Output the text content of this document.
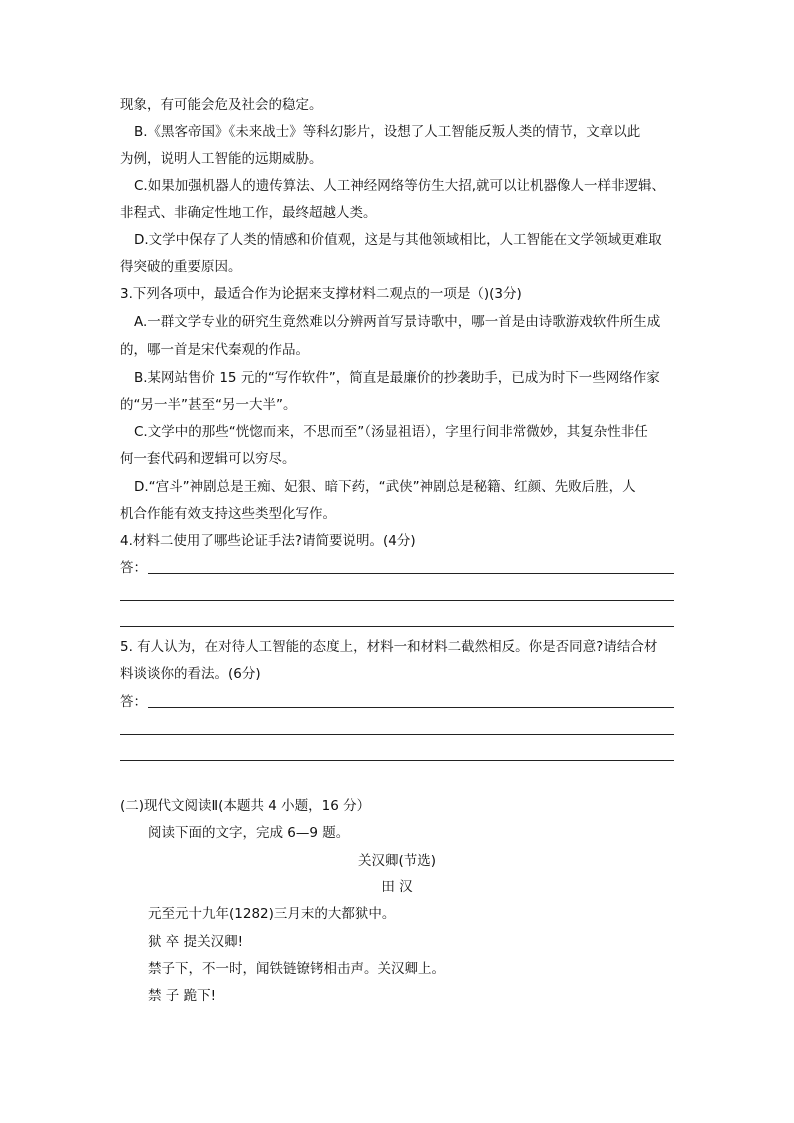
现象，有可能会危及社会的稳定。
B.《黑客帝国》《未来战士》等科幻影片，设想了人工智能反叛人类的情节，文章以此
为例，说明人工智能的远期威胁。
C.如果加强机器人的遗传算法、人工神经网络等仿生大招,就可以让机器像人一样非逻辑、
非程式、非确定性地工作，最终超越人类。
D.文学中保存了人类的情感和价值观，这是与其他领域相比，人工智能在文学领域更难取
得突破的重要原因。
3.下列各项中，最适合作为论据来支撑材料二观点的一项是（)(3分)
A.一群文学专业的研究生竟然难以分辨两首写景诗歌中，哪一首是由诗歌游戏软件所生成
的，哪一首是宋代秦观的作品。
B.某网站售价 15 元的“写作软件”，简直是最廉价的抄袭助手，已成为时下一些网络作家
的“另一半”甚至“另一大半”。
C.文学中的那些“恍惚而来，不思而至”（汤显祖语），字里行间非常微妙，其复杂性非任
何一套代码和逻辑可以穷尽。
D.“宫斗”神剧总是王痴、妃狠、暗下药，“武侠”神剧总是秘籍、红颜、先败后胜，人
机合作能有效支持这些类型化写作。
4.材料二使用了哪些论证手法?请简要说明。(4分)
答：
5. 有人认为，在对待人工智能的态度上，材料一和材料二截然相反。你是否同意?请结合材
料谈谈你的看法。(6分)
答：
(二)现代文阅读Ⅱ(本题共 4 小题，16 分）
阅读下面的文字，完成 6—9 题。
关汉卿(节选)
田 汉
元至元十九年(1282)三月末的大都狱中。
狱 卒 提关汉卿!
禁子下，不一时，闻铁链镣铐相击声。关汉卿上。
禁 子 跪下!
